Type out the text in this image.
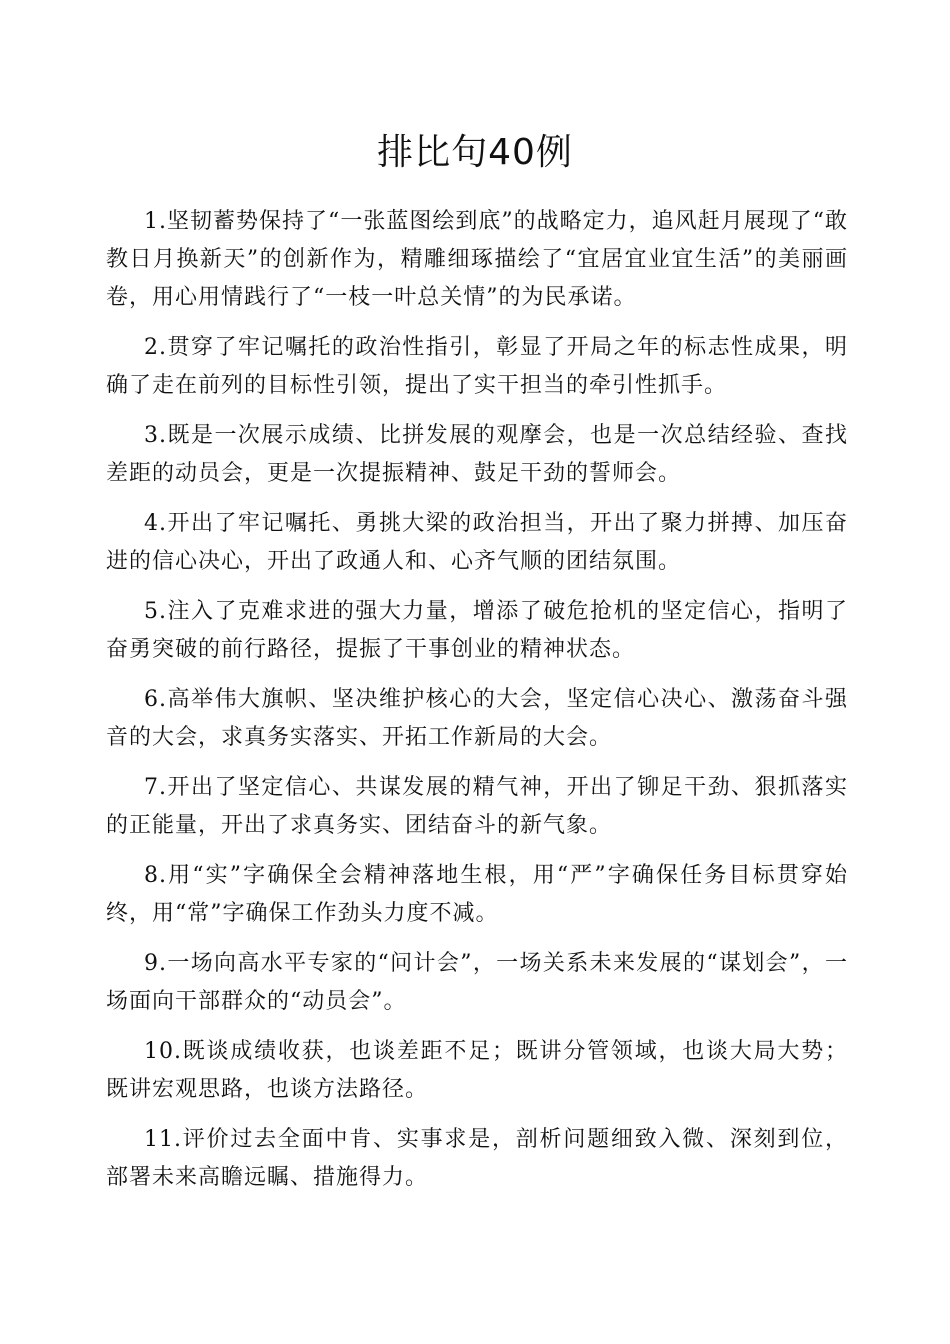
排比句40例

1.坚韧蓄势保持了“一张蓝图绘到底”的战略定力，追风赶月展现了“敢教日月换新天”的创新作为，精雕细琢描绘了“宜居宜业宜生活”的美丽画卷，用心用情践行了“一枝一叶总关情”的为民承诺。

2.贯穿了牢记嘱托的政治性指引，彰显了开局之年的标志性成果，明确了走在前列的目标性引领，提出了实干担当的牵引性抓手。

3.既是一次展示成绩、比拼发展的观摩会，也是一次总结经验、查找差距的动员会，更是一次提振精神、鼓足干劲的誓师会。

4.开出了牢记嘱托、勇挑大梁的政治担当，开出了聚力拼搏、加压奋进的信心决心，开出了政通人和、心齐气顺的团结氛围。

5.注入了克难求进的强大力量，增添了破危抢机的坚定信心，指明了奋勇突破的前行路径，提振了干事创业的精神状态。

6.高举伟大旗帜、坚决维护核心的大会，坚定信心决心、激荡奋斗强音的大会，求真务实落实、开拓工作新局的大会。

7.开出了坚定信心、共谋发展的精气神，开出了铆足干劲、狠抓落实的正能量，开出了求真务实、团结奋斗的新气象。

8.用“实”字确保全会精神落地生根，用“严”字确保任务目标贯穿始终，用“常”字确保工作劲头力度不减。

9.一场向高水平专家的“问计会”，一场关系未来发展的“谋划会”，一场面向干部群众的“动员会”。

10.既谈成绩收获，也谈差距不足；既讲分管领域，也谈大局大势；既讲宏观思路，也谈方法路径。

11.评价过去全面中肯、实事求是，剖析问题细致入微、深刻到位，部署未来高瞻远瞩、措施得力。
